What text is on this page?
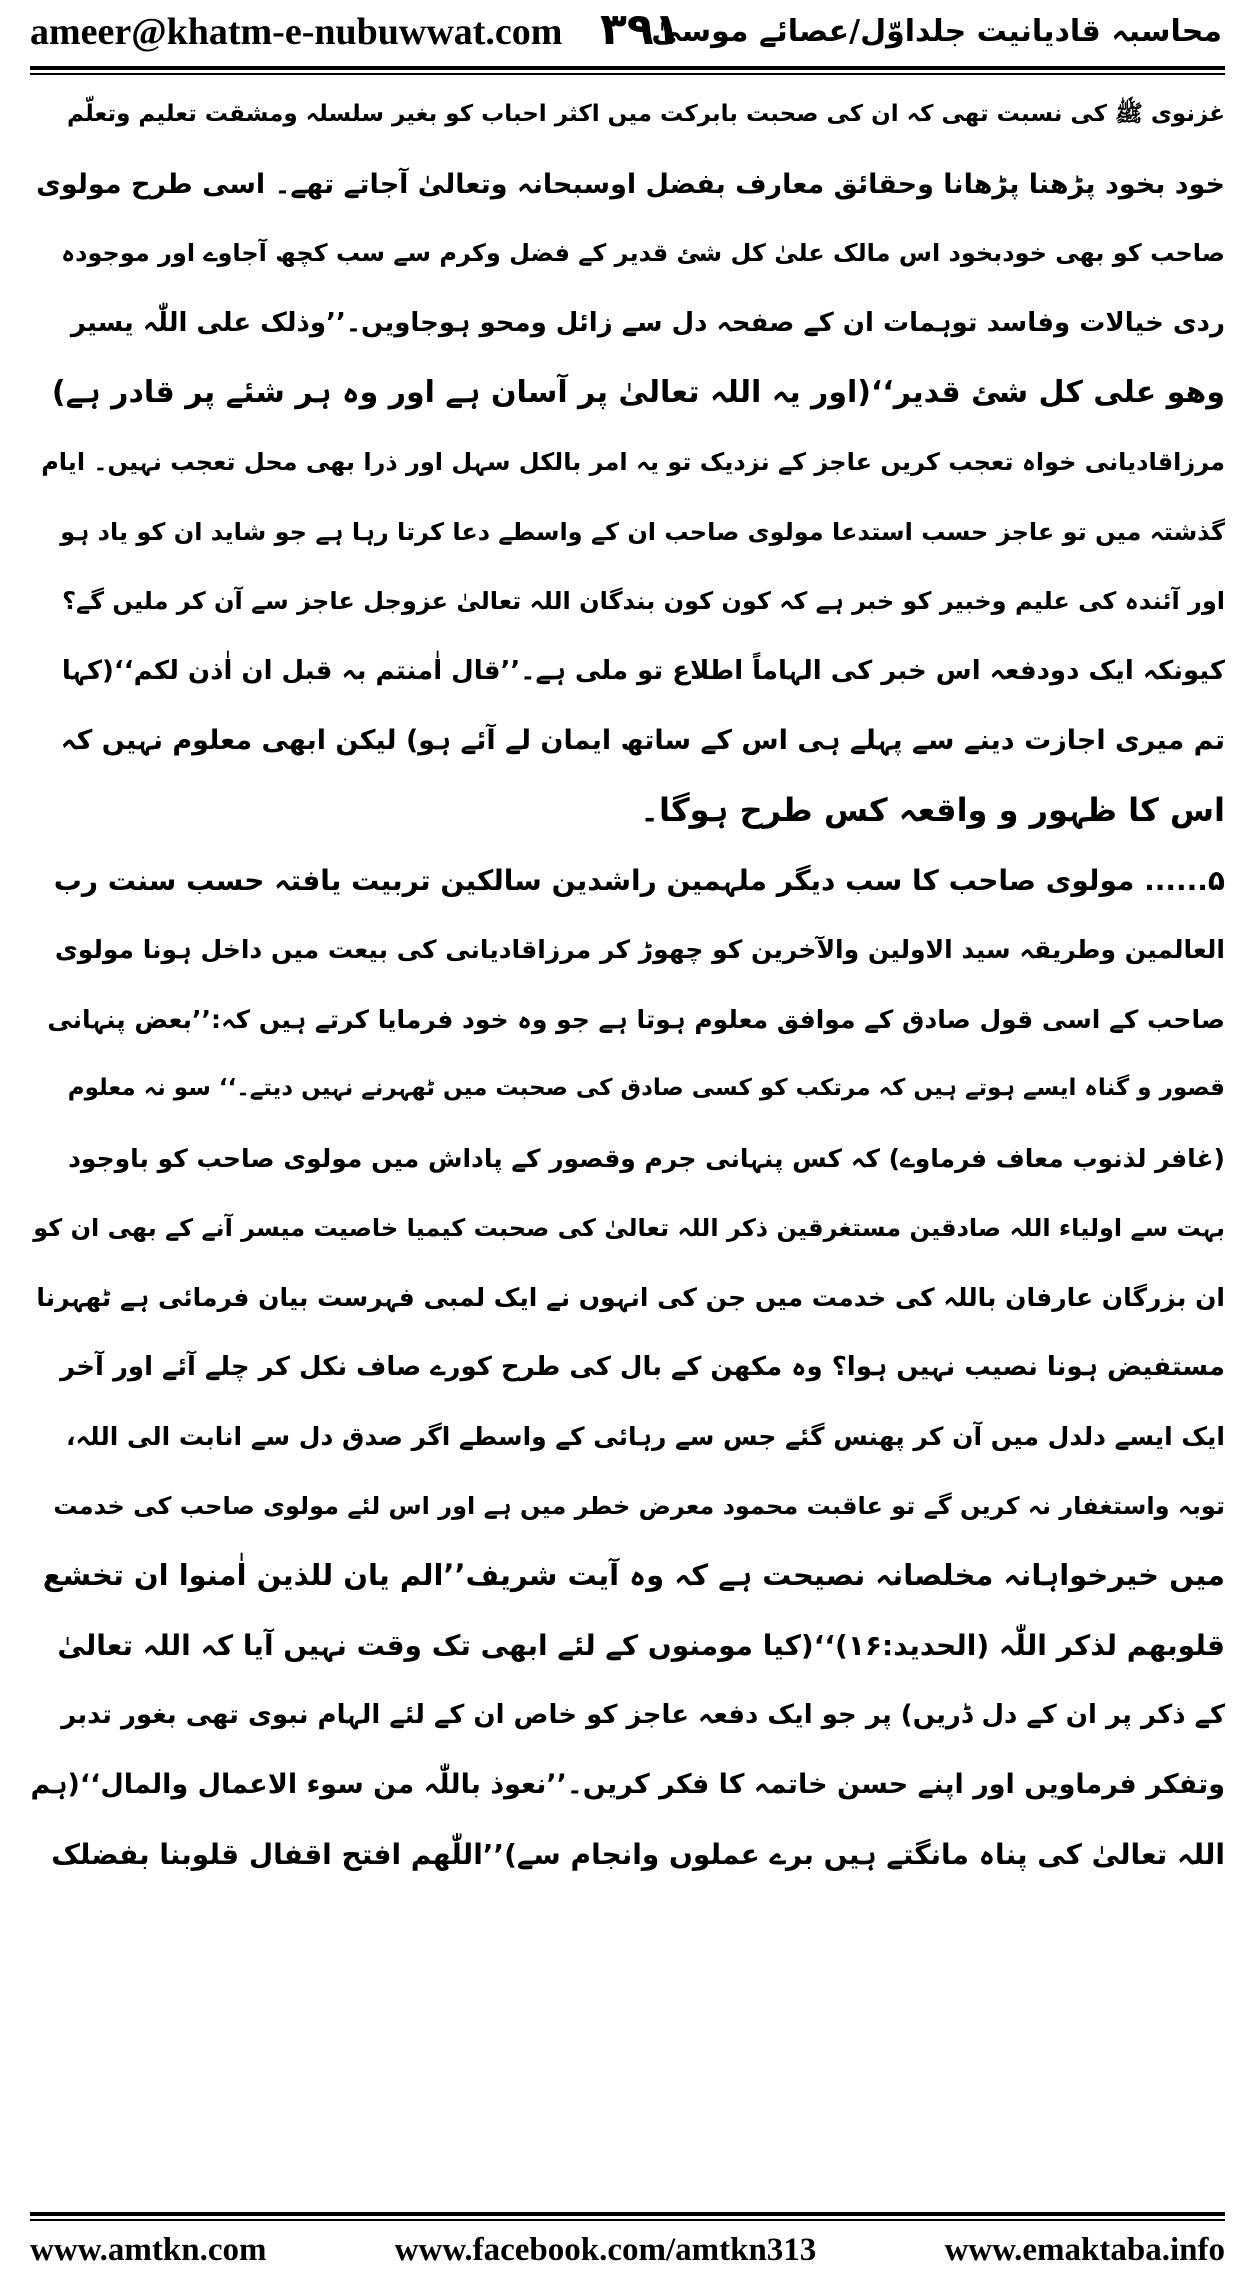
ameer@khatm-e-nubuwwat.com ۳۹۱
محاسبہ قادیانیت جلداوّل/عصائے موسیٰ
غزنوی ﷺ کی نسبت تھی کہ ان کی صحبت بابرکت میں اکثر احباب کو بغیر سلسلہ ومشقت تعلیم وتعلّم
خود بخود پڑھنا پڑھانا وحقائق معارف بفضل اوسبحانہ وتعالیٰ آجاتے تھے۔ اسی طرح مولوی
صاحب کو بھی خودبخود اس مالک علیٰ کل شئ قدیر کے فضل وکرم سے سب کچھ آجاوے اور موجودہ
ردی خیالات وفاسد توہمات ان کے صفحہ دل سے زائل ومحو ہوجاویں۔’’وذلک علی اللّٰہ یسیر
وھو علی کل شئ قدیر‘‘(اور یہ اللہ تعالیٰ پر آسان ہے اور وہ ہر شئے پر قادر ہے)
مرزاقادیانی خواہ تعجب کریں عاجز کے نزدیک تو یہ امر بالکل سہل اور ذرا بھی محل تعجب نہیں۔ ایام
گذشتہ میں تو عاجز حسب استدعا مولوی صاحب ان کے واسطے دعا کرتا رہا ہے جو شاید ان کو یاد ہو
اور آئندہ کی علیم وخبیر کو خبر ہے کہ کون کون بندگان اللہ تعالیٰ عزوجل عاجز سے آن کر ملیں گے؟
کیونکہ ایک دودفعہ اس خبر کی الہاماً اطلاع تو ملی ہے۔’’قال اٰمنتم بہ قبل ان اٰذن لکم‘‘(کہا
تم میری اجازت دینے سے پہلے ہی اس کے ساتھ ایمان لے آئے ہو) لیکن ابھی معلوم نہیں کہ
اس کا ظہور و واقعہ کس طرح ہوگا۔
۵...... مولوی صاحب کا سب دیگر ملہمین راشدین سالکین تربیت یافتہ حسب سنت رب
العالمین وطریقہ سید الاولین والآخرین کو چھوڑ کر مرزاقادیانی کی بیعت میں داخل ہونا مولوی
صاحب کے اسی قول صادق کے موافق معلوم ہوتا ہے جو وہ خود فرمایا کرتے ہیں کہ:’’بعض پنہانی
قصور و گناہ ایسے ہوتے ہیں کہ مرتکب کو کسی صادق کی صحبت میں ٹھہرنے نہیں دیتے۔‘‘ سو نہ معلوم
(غافر لذنوب معاف فرماوے) کہ کس پنہانی جرم وقصور کے پاداش میں مولوی صاحب کو باوجود
بہت سے اولیاء اللہ صادقین مستغرقین ذکر اللہ تعالیٰ کی صحبت کیمیا خاصیت میسر آنے کے بھی ان کو
ان بزرگان عارفان باللہ کی خدمت میں جن کی انہوں نے ایک لمبی فہرست بیان فرمائی ہے ٹھہرنا
مستفیض ہونا نصیب نہیں ہوا؟ وہ مکھن کے بال کی طرح کورے صاف نکل کر چلے آئے اور آخر
ایک ایسے دلدل میں آن کر پھنس گئے جس سے رہائی کے واسطے اگر صدق دل سے انابت الی اللہ،
توبہ واستغفار نہ کریں گے تو عاقبت محمود معرض خطر میں ہے اور اس لئے مولوی صاحب کی خدمت
میں خیرخواہانہ مخلصانہ نصیحت ہے کہ وہ آیت شریف’’الم یان للذین اٰمنوا ان تخشع
قلوبھم لذکر اللّٰہ (الحدید:۱۶)‘‘(کیا مومنوں کے لئے ابھی تک وقت نہیں آیا کہ اللہ تعالیٰ
کے ذکر پر ان کے دل ڈریں) پر جو ایک دفعہ عاجز کو خاص ان کے لئے الہام نبوی تھی بغور تدبر
وتفکر فرماویں اور اپنے حسن خاتمہ کا فکر کریں۔’’نعوذ باللّٰہ من سوء الاعمال والمال‘‘(ہم
اللہ تعالیٰ کی پناہ مانگتے ہیں برے عملوں وانجام سے)’’اللّٰھم افتح اقفال قلوبنا بفضلک
www.amtkn.com	www.facebook.com/amtkn313	www.emaktaba.info
